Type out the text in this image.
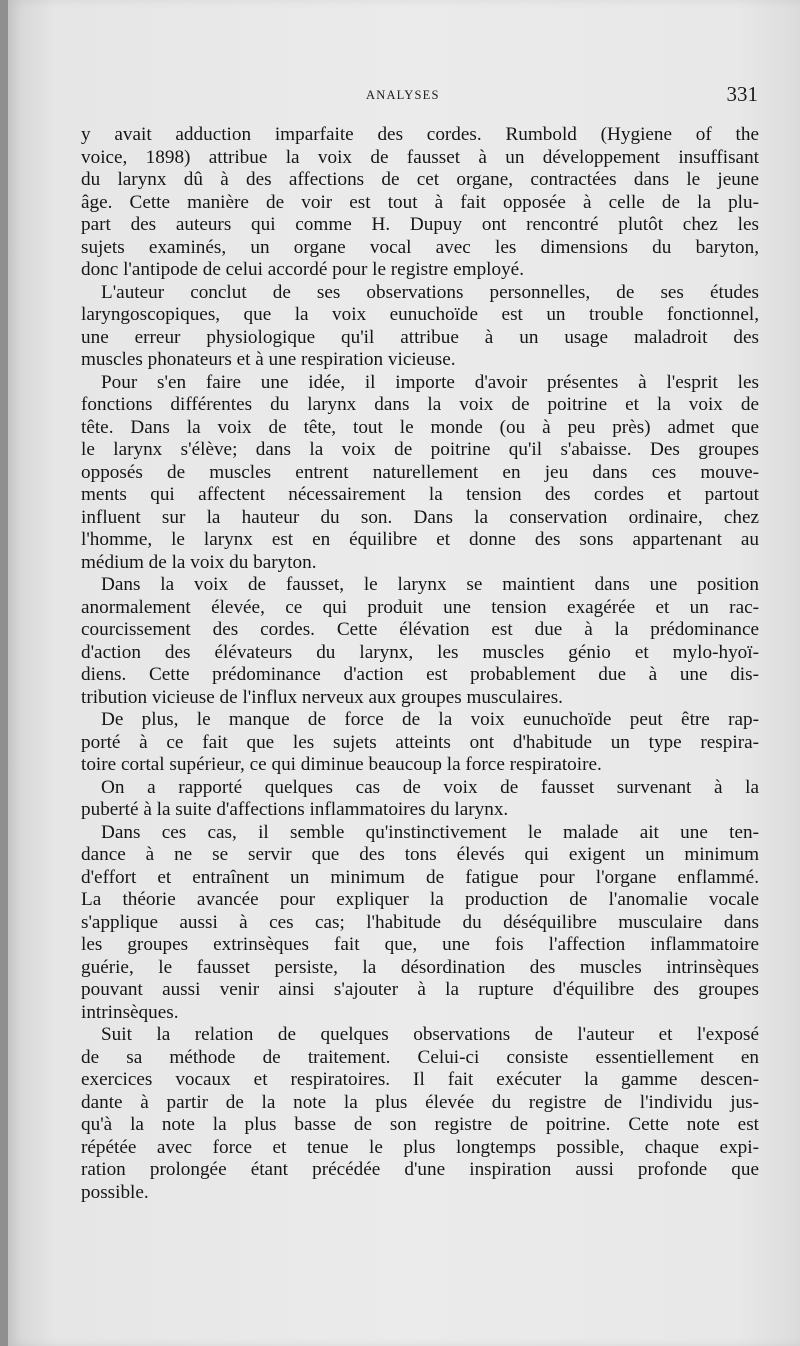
ANALYSES	331
y avait adduction imparfaite des cordes. Rumbold (Hygiene of the
voice, 1898) attribue la voix de fausset à un développement insuffisant
du larynx dû à des affections de cet organe, contractées dans le jeune
âge. Cette manière de voir est tout à fait opposée à celle de la plu-
part des auteurs qui comme H. Dupuy ont rencontré plutôt chez les
sujets examinés, un organe vocal avec les dimensions du baryton,
donc l'antipode de celui accordé pour le registre employé.
L'auteur conclut de ses observations personnelles, de ses études
laryngoscopiques, que la voix eunuchoïde est un trouble fonctionnel,
une erreur physiologique qu'il attribue à un usage maladroit des
muscles phonateurs et à une respiration vicieuse.
Pour s'en faire une idée, il importe d'avoir présentes à l'esprit les
fonctions différentes du larynx dans la voix de poitrine et la voix de
tête. Dans la voix de tête, tout le monde (ou à peu près) admet que
le larynx s'élève; dans la voix de poitrine qu'il s'abaisse. Des groupes
opposés de muscles entrent naturellement en jeu dans ces mouve-
ments qui affectent nécessairement la tension des cordes et partout
influent sur la hauteur du son. Dans la conservation ordinaire, chez
l'homme, le larynx est en équilibre et donne des sons appartenant au
médium de la voix du baryton.
Dans la voix de fausset, le larynx se maintient dans une position
anormalement élevée, ce qui produit une tension exagérée et un rac-
courcissement des cordes. Cette élévation est due à la prédominance
d'action des élévateurs du larynx, les muscles génio et mylo-hyoï-
diens. Cette prédominance d'action est probablement due à une dis-
tribution vicieuse de l'influx nerveux aux groupes musculaires.
De plus, le manque de force de la voix eunuchoïde peut être rap-
porté à ce fait que les sujets atteints ont d'habitude un type respira-
toire cortal supérieur, ce qui diminue beaucoup la force respiratoire.
On a rapporté quelques cas de voix de fausset survenant à la
puberté à la suite d'affections inflammatoires du larynx.
Dans ces cas, il semble qu'instinctivement le malade ait une ten-
dance à ne se servir que des tons élevés qui exigent un minimum
d'effort et entraînent un minimum de fatigue pour l'organe enflammé.
La théorie avancée pour expliquer la production de l'anomalie vocale
s'applique aussi à ces cas; l'habitude du déséquilibre musculaire dans
les groupes extrinsèques fait que, une fois l'affection inflammatoire
guérie, le fausset persiste, la désordination des muscles intrinsèques
pouvant aussi venir ainsi s'ajouter à la rupture d'équilibre des groupes
intrinsèques.
Suit la relation de quelques observations de l'auteur et l'exposé
de sa méthode de traitement. Celui-ci consiste essentiellement en
exercices vocaux et respiratoires. Il fait exécuter la gamme descen-
dante à partir de la note la plus élevée du registre de l'individu jus-
qu'à la note la plus basse de son registre de poitrine. Cette note est
répétée avec force et tenue le plus longtemps possible, chaque expi-
ration prolongée étant précédée d'une inspiration aussi profonde que
possible.
